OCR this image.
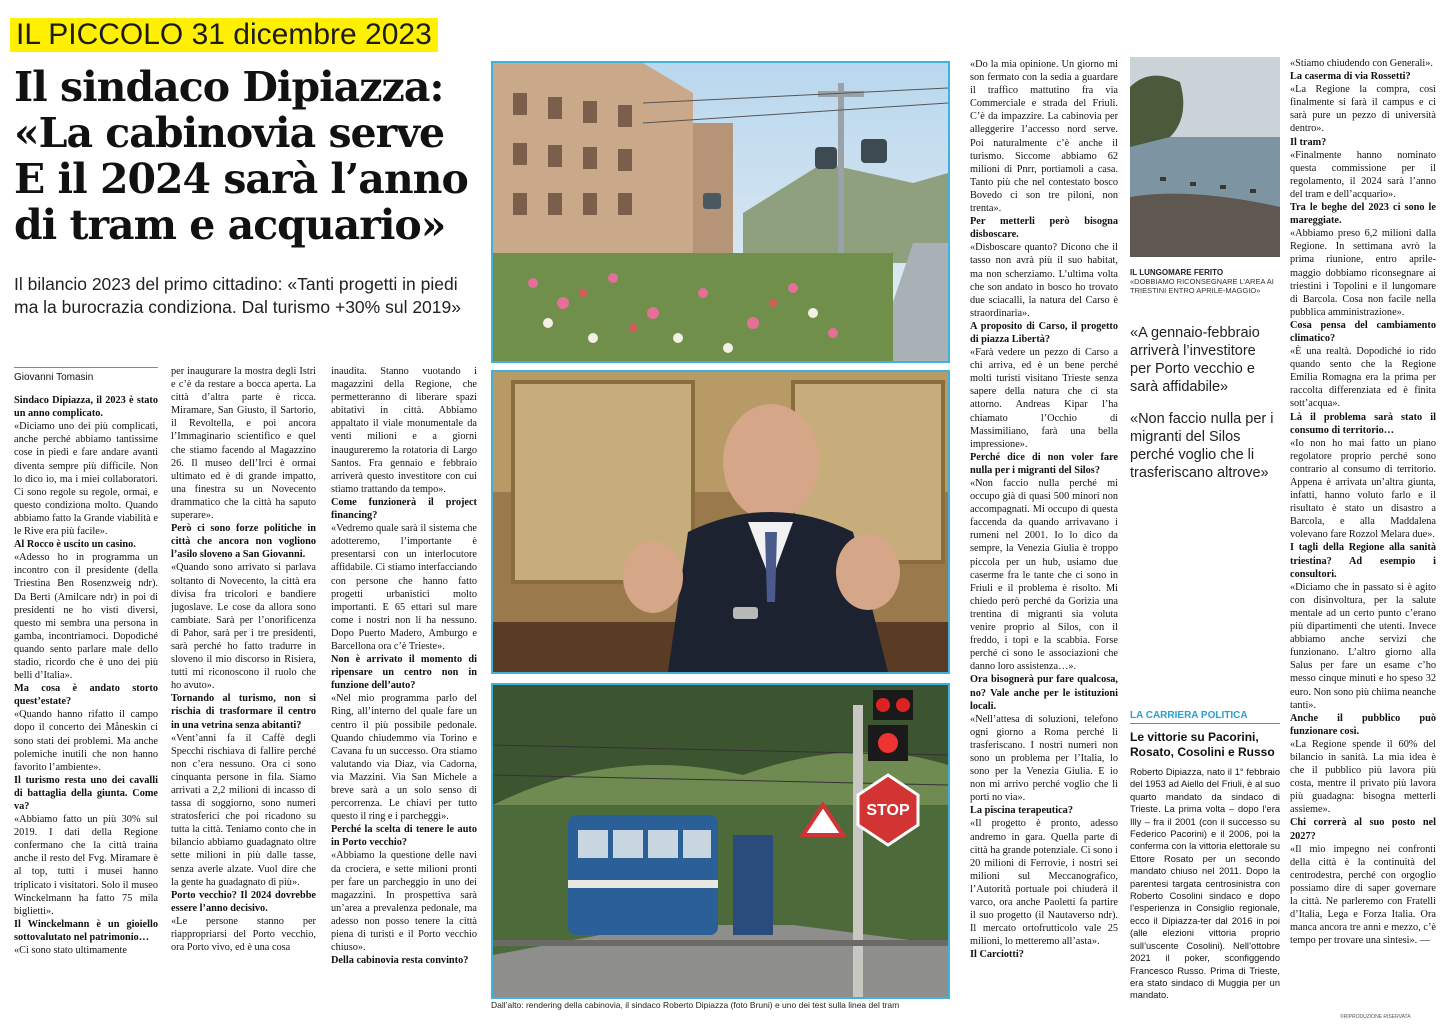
IL PICCOLO 31 dicembre 2023
Il sindaco Dipiazza:
«La cabinovia serve
E il 2024 sarà l’anno
di tram e acquario»
Il bilancio 2023 del primo cittadino: «Tanti progetti in piedi ma la burocrazia condiziona. Dal turismo +30% sul 2019»
Giovanni Tomasin

Sindaco Dipiazza, il 2023 è stato un anno complicato.

«Diciamo uno dei più complicati, anche perché abbiamo tantissime cose in piedi e fare andare avanti diventa sempre più difficile. Non lo dico io, ma i miei collaboratori. Ci sono regole su regole, ormai, e questo condiziona molto. Quando abbiamo fatto la Grande viabilità e le Rive era più facile».

Al Rocco è uscito un casino.

«Adesso ho in programma un incontro con il presidente (della Triestina Ben Rosenzweig ndr). Da Berti (Amilcare ndr) in poi di presidenti ne ho visti diversi, questo mi sembra una persona in gamba, incontriamoci. Dopodiché quando sento parlare male dello stadio, ricordo che è uno dei più belli d’Italia».

Ma cosa è andato storto quest’estate?

«Quando hanno rifatto il campo dopo il concerto dei Måneskin ci sono stati dei problemi. Ma anche polemiche inutili che non hanno favorito l’ambiente».

Il turismo resta uno dei cavalli di battaglia della giunta. Come va?

«Abbiamo fatto un più 30% sul 2019. I dati della Regione confermano che la città traina anche il resto del Fvg. Miramare è al top, tutti i musei hanno triplicato i visitatori. Solo il museo Winckelmann ha fatto 75 mila biglietti».

Il Winckelmann è un gioiello sottovalutato nel patrimonio…

«Ci sono stato ultimamente

per inaugurare la mostra degli Istri e c’è da restare a bocca aperta. La città d’altra parte è ricca. Miramare, San Giusto, il Sartorio, il Revoltella, e poi ancora l’Immaginario scientifico e quel che stiamo facendo al Magazzino 26. Il museo dell’Irci è ormai ultimato ed è di grande impatto, una finestra su un Novecento drammatico che la città ha saputo superare».

Però ci sono forze politiche in città che ancora non vogliono l’asilo sloveno a San Giovanni.

«Quando sono arrivato si parlava soltanto di Novecento, la città era divisa fra tricolori e bandiere jugoslave. Le cose da allora sono cambiate. Sarà per l’onorificenza di Pahor, sarà per i tre presidenti, sarà perché ho fatto tradurre in sloveno il mio discorso in Risiera, tutti mi riconoscono il ruolo che ho avuto».

Tornando al turismo, non si rischia di trasformare il centro in una vetrina senza abitanti?

«Vent’anni fa il Caffè degli Specchi rischiava di fallire perché non c’era nessuno. Ora ci sono cinquanta persone in fila. Siamo arrivati a 2,2 milioni di incasso di tassa di soggiorno, sono numeri stratosferici che poi ricadono su tutta la città. Teniamo conto che in bilancio abbiamo guadagnato oltre sette milioni in più dalle tasse, senza averle alzate. Vuol dire che la gente ha guadagnato di più».

Porto vecchio? Il 2024 dovrebbe essere l’anno decisivo.

«Le persone stanno per riappropriarsi del Porto vecchio, ora Porto vivo, ed è una cosa

inaudita. Stanno vuotando i magazzini della Regione, che permetteranno di liberare spazi abitativi in città. Abbiamo appaltato il viale monumentale da venti milioni e a giorni inaugureremo la rotatoria di Largo Santos. Fra gennaio e febbraio arriverà questo investitore con cui stiamo trattando da tempo».

Come funzionerà il project financing?

«Vedremo quale sarà il sistema che adotteremo, l’importante è presentarsi con un interlocutore affidabile. Ci stiamo interfacciando con persone che hanno fatto progetti urbanistici molto importanti. E 65 ettari sul mare come i nostri non li ha nessuno. Dopo Puerto Madero, Amburgo e Barcellona ora c’è Trieste».

Non è arrivato il momento di ripensare un centro non in funzione dell’auto?

«Nel mio programma parlo del Ring, all’interno del quale fare un centro il più possibile pedonale. Quando chiudemmo via Torino e Cavana fu un successo. Ora stiamo valutando via Diaz, via Cadorna, via Mazzini. Via San Michele a breve sarà a un solo senso di percorrenza. Le chiavi per tutto questo il ring e i parcheggi».

Perché la scelta di tenere le auto in Porto vecchio?

«Abbiamo la questione delle navi da crociera, e sette milioni pronti per fare un parcheggio in uno dei magazzini. In prospettiva sarà un’area a prevalenza pedonale, ma adesso non posso tenere la città piena di turisti e il Porto vecchio chiuso».

Della cabinovia resta convinto?

«Do la mia opinione. Un giorno mi son fermato con la sedia a guardare il traffico mattutino fra via Commerciale e strada del Friuli. C’è da impazzire. La cabinovia per alleggerire l’accesso nord serve. Poi naturalmente c’è anche il turismo. Siccome abbiamo 62 milioni di Pnrr, portiamoli a casa. Tanto più che nel contestato bosco Bovedo ci son tre piloni, non trenta».

Per metterli però bisogna disboscare.

«Disboscare quanto? Dicono che il tasso non avrà più il suo habitat, ma non scherziamo. L’ultima volta che son andato in bosco ho trovato due sciacalli, la natura del Carso è straordinaria».

A proposito di Carso, il progetto di piazza Libertà?

«Farà vedere un pezzo di Carso a chi arriva, ed è un bene perché molti turisti visitano Trieste senza sapere della natura che ci sta attorno. Andreas Kipar l’ha chiamato l’Occhio di Massimiliano, farà una bella impressione».

Perché dice di non voler fare nulla per i migranti del Silos?

«Non faccio nulla perché mi occupo già di quasi 500 minori non accompagnati. Mi occupo di questa faccenda da quando arrivavano i rumeni nel 2001. Io lo dico da sempre, la Venezia Giulia è troppo piccola per un hub, usiamo due caserme fra le tante che ci sono in Friuli e il problema è risolto. Mi chiedo però perché da Gorizia una trentina di migranti sia voluta venire proprio al Silos, con il freddo, i topi e la scabbia. Forse perché ci sono le associazioni che danno loro assistenza…».

Ora bisognerà pur fare qualcosa, no? Vale anche per le istituzioni locali.

«Nell’attesa di soluzioni, telefono ogni giorno a Roma perché li trasferiscano. I nostri numeri non sono un problema per l’Italia, lo sono per la Venezia Giulia. E io non mi arrivo perché voglio che li porti no via».

La piscina terapeutica?

«Il progetto è pronto, adesso andremo in gara. Quella parte di città ha grande potenziale. Ci sono i 20 milioni di Ferrovie, i nostri sei milioni sul Meccanografico, l’Autorità portuale poi chiuderà il varco, ora anche Paoletti fa partire il suo progetto (il Nautaverso ndr). Il mercato ortofrutticolo vale 25 milioni, lo metteremo all’asta».

Il Carciotti?

«Stiamo chiudendo con Generali».

La caserma di via Rossetti?

«La Regione la compra, così finalmente si farà il campus e ci sarà pure un pezzo di università dentro».

Il tram?

«Finalmente hanno nominato questa commissione per il regolamento, il 2024 sarà l’anno del tram e dell’acquario».

Tra le beghe del 2023 ci sono le mareggiate.

«Abbiamo preso 6,2 milioni dalla Regione. In settimana avrò la prima riunione, entro aprile-maggio dobbiamo riconsegnare ai triestini i Topolini e il lungomare di Barcola. Cosa non facile nella pubblica amministrazione».

Cosa pensa del cambiamento climatico?

«È una realtà. Dopodiché io rido quando sento che la Regione Emilia Romagna era la prima per raccolta differenziata ed è finita sott’acqua».

Là il problema sarà stato il consumo di territorio…

«Io non ho mai fatto un piano regolatore proprio perché sono contrario al consumo di territorio. Appena è arrivata un’altra giunta, infatti, hanno voluto farlo e il risultato è stato un disastro a Barcola, e alla Maddalena volevano fare Rozzol Melara due».

I tagli della Regione alla sanità triestina? Ad esempio i consultori.

«Diciamo che in passato si è agito con disinvoltura, per la salute mentale ad un certo punto c’erano più dipartimenti che utenti. Invece abbiamo anche servizi che funzionano. L’altro giorno alla Salus per fare un esame c’ho messo cinque minuti e ho speso 32 euro. Non sono più chiima neanche tanti».

Anche il pubblico può funzionare così.

«La Regione spende il 60% del bilancio in sanità. La mia idea è che il pubblico più lavora più costa, mentre il privato più lavora più guadagna: bisogna metterli assieme».

Chi correrà al suo posto nel 2027?

«Il mio impegno nei confronti della città è la continuità del centrodestra, perché con orgoglio possiamo dire di saper governare la città. Ne parleremo con Fratelli d’Italia, Lega e Forza Italia. Ora manca ancora tre anni e mezzo, c’è tempo per trovare una sintesi». —

STOP
Dall’alto: rendering della cabinovia, il sindaco Roberto Dipiazza (foto Bruni) e uno dei test sulla linea del tram
IL LUNGOMARE FERITO
«DOBBIAMO RICONSEGNARE L’AREA AI TRIESTINI ENTRO APRILE-MAGGIO»
«A gennaio-febbraio arriverà l’investitore per Porto vecchio e sarà affidabile»
«Non faccio nulla per i migranti del Silos perché voglio che li trasferiscano altrove»
LA CARRIERA POLITICA
Le vittorie su Pacorini, Rosato, Cosolini e Russo
Roberto Dipiazza, nato il 1° febbraio del 1953 ad Aiello del Friuli, è al suo quarto mandato da sindaco di Trieste. La prima volta – dopo l’era Illy – fra il 2001 (con il successo su Federico Pacorini) e il 2006, poi la conferma con la vittoria elettorale su Ettore Rosato per un secondo mandato chiuso nel 2011. Dopo la parentesi targata centrosinistra con Roberto Cosolini sindaco e dopo l’esperienza in Consiglio regionale, ecco il Dipiazza-ter dal 2016 in poi (alle elezioni vittoria proprio sull’uscente Cosolini). Nell’ottobre 2021 il poker, sconfiggendo Francesco Russo. Prima di Trieste, era stato sindaco di Muggia per un mandato.
©RIPRODUZIONE RISERVATA
